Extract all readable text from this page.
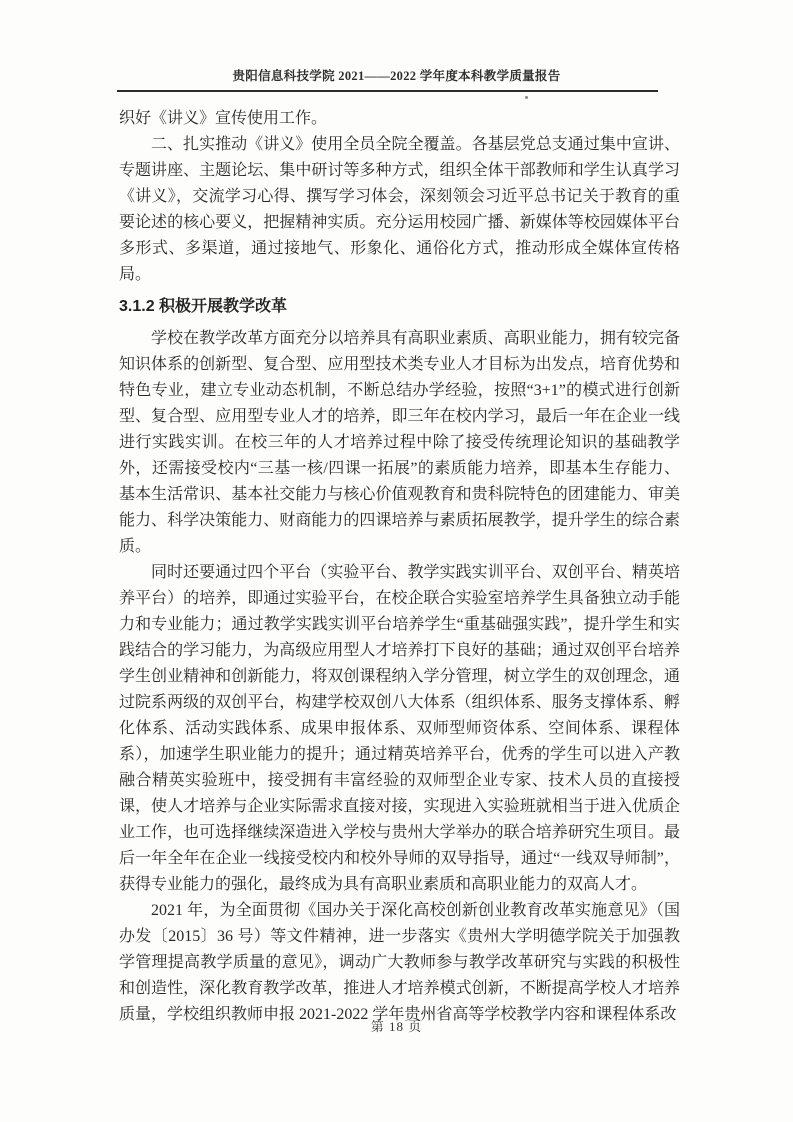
贵阳信息科技学院 2021——2022 学年度本科教学质量报告

织好《讲义》宣传使用工作。

二、扎实推动《讲义》使用全员全院全覆盖。各基层党总支通过集中宣讲、专题讲座、主题论坛、集中研讨等多种方式，组织全体干部教师和学生认真学习《讲义》，交流学习心得、撰写学习体会，深刻领会习近平总书记关于教育的重要论述的核心要义，把握精神实质。充分运用校园广播、新媒体等校园媒体平台多形式、多渠道，通过接地气、形象化、通俗化方式，推动形成全媒体宣传格局。

3.1.2 积极开展教学改革

学校在教学改革方面充分以培养具有高职业素质、高职业能力，拥有较完备知识体系的创新型、复合型、应用型技术类专业人才目标为出发点，培育优势和特色专业，建立专业动态机制，不断总结办学经验，按照“3+1”的模式进行创新型、复合型、应用型专业人才的培养，即三年在校内学习，最后一年在企业一线进行实践实训。在校三年的人才培养过程中除了接受传统理论知识的基础教学外，还需接受校内“三基一核/四课一拓展”的素质能力培养，即基本生存能力、基本生活常识、基本社交能力与核心价值观教育和贵科院特色的团建能力、审美能力、科学决策能力、财商能力的四课培养与素质拓展教学，提升学生的综合素质。

同时还要通过四个平台（实验平台、教学实践实训平台、双创平台、精英培养平台）的培养，即通过实验平台，在校企联合实验室培养学生具备独立动手能力和专业能力；通过教学实践实训平台培养学生“重基础强实践”，提升学生和实践结合的学习能力，为高级应用型人才培养打下良好的基础；通过双创平台培养学生创业精神和创新能力，将双创课程纳入学分管理，树立学生的双创理念，通过院系两级的双创平台，构建学校双创八大体系（组织体系、服务支撑体系、孵化体系、活动实践体系、成果申报体系、双师型师资体系、空间体系、课程体系），加速学生职业能力的提升；通过精英培养平台，优秀的学生可以进入产教融合精英实验班中，接受拥有丰富经验的双师型企业专家、技术人员的直接授课，使人才培养与企业实际需求直接对接，实现进入实验班就相当于进入优质企业工作，也可选择继续深造进入学校与贵州大学举办的联合培养研究生项目。最后一年全年在企业一线接受校内和校外导师的双导指导，通过“一线双导师制”，获得专业能力的强化，最终成为具有高职业素质和高职业能力的双高人才。

2021 年，为全面贯彻《国办关于深化高校创新创业教育改革实施意见》（国办发〔2015〕36 号）等文件精神，进一步落实《贵州大学明德学院关于加强教学管理提高教学质量的意见》，调动广大教师参与教学改革研究与实践的积极性和创造性，深化教育教学改革，推进人才培养模式创新，不断提高学校人才培养质量，学校组织教师申报 2021-2022 学年贵州省高等学校教学内容和课程体系改

第 18 页
